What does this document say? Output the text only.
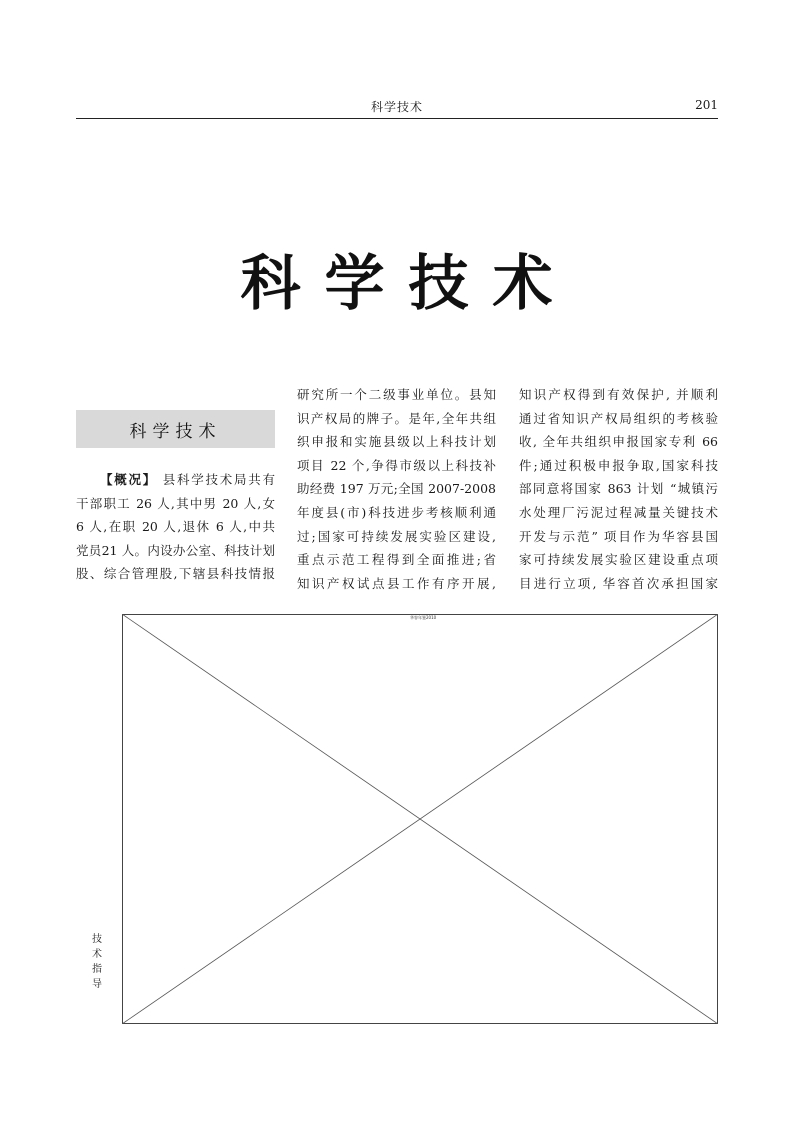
科学技术	201
科学技术
科学技术
【概况】 县科学技术局共有
干部职工 26 人,其中男 20 人,女
6 人,在职 20 人,退休 6 人,中共
党员21 人。内设办公室、科技计划
股、综合管理股,下辖县科技情报
研究所一个二级事业单位。县知
识产权局的牌子。是年,全年共组
织申报和实施县级以上科技计划
项目 22 个,争得市级以上科技补
助经费 197 万元;全国 2007-2008
年度县(市)科技进步考核顺利通
过;国家可持续发展实验区建设,
重点示范工程得到全面推进;省
知识产权试点县工作有序开展,
知识产权得到有效保护, 并顺利
通过省知识产权局组织的考核验
收, 全年共组织申报国家专利 66
件;通过积极申报争取,国家科技
部同意将国家 863 计划 “城镇污
水处理厂污泥过程减量关键技术
开发与示范” 项目作为华容县国
家可持续发展实验区建设重点项
目进行立项, 华容首次承担国家
华容年鉴2010
技
术
指
导
